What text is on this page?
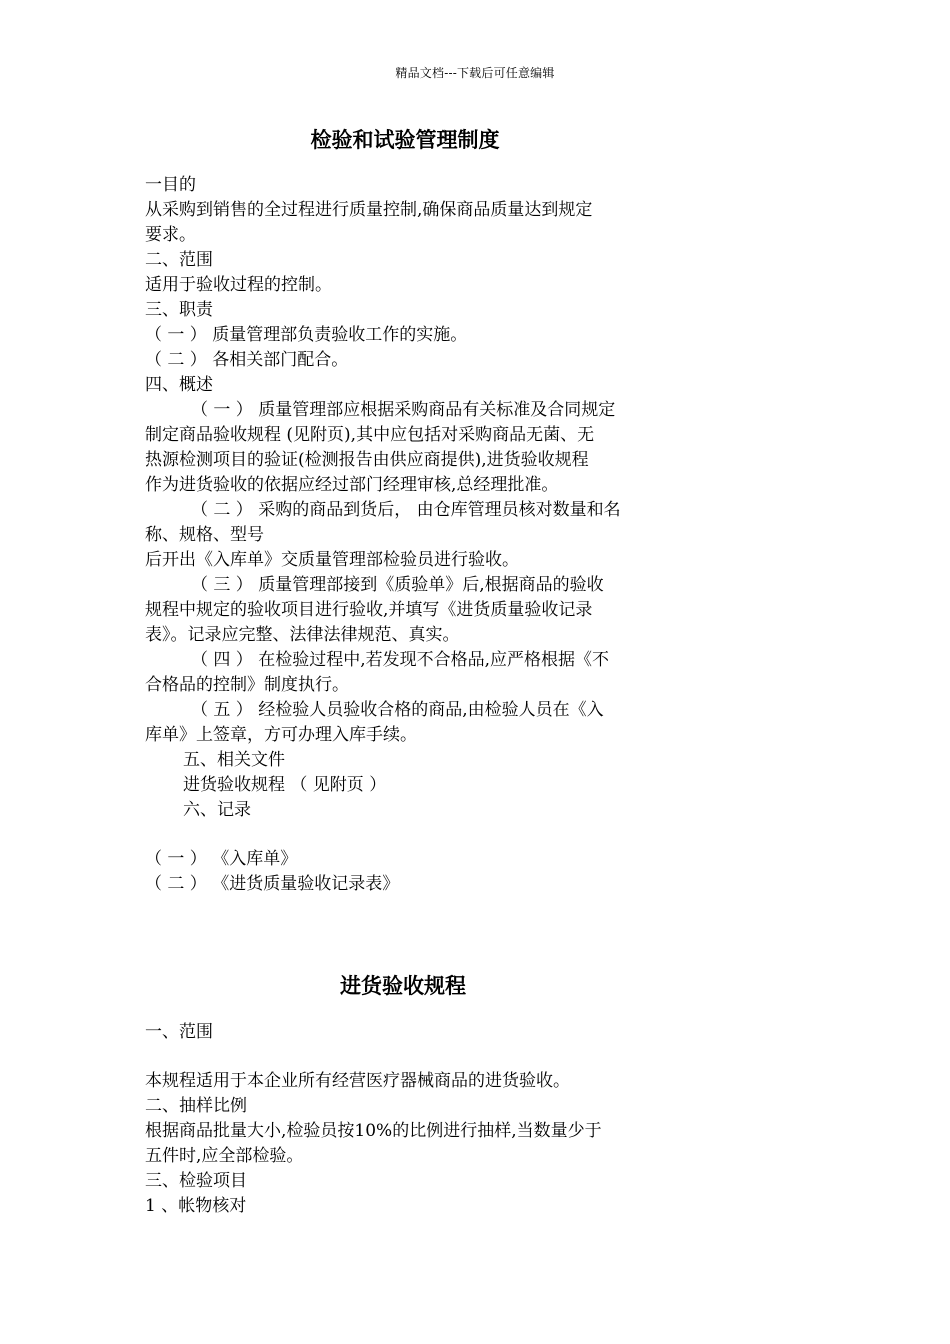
精品文档---下载后可任意编辑
检验和试验管理制度

一目的

从采购到销售的全过程进行质量控制,确保商品质量达到规定

要求。

二、范围

适用于验收过程的控制。

三、职责

（ 一 ） 质量管理部负责验收工作的实施。

（ 二 ） 各相关部门配合。

四、概述

（ 一 ） 质量管理部应根据采购商品有关标准及合同规定

制定商品验收规程 (见附页),其中应包括对采购商品无菌、无

热源检测项目的验证(检测报告由供应商提供),进货验收规程

作为进货验收的依据应经过部门经理审核,总经理批准。

（ 二 ） 采购的商品到货后， 由仓库管理员核对数量和名

称、规格、型号

后开出《入库单》交质量管理部检验员进行验收。

（ 三 ） 质量管理部接到《质验单》后,根据商品的验收

规程中规定的验收项目进行验收,并填写《进货质量验收记录

表》。记录应完整、法律法律规范、真实。

（ 四 ） 在检验过程中,若发现不合格品,应严格根据《不

合格品的控制》制度执行。

（ 五 ） 经检验人员验收合格的商品,由检验人员在《入

库单》上签章，方可办理入库手续。

五、相关文件

进货验收规程 （ 见附页 ）

六、记录

（ 一 ） 《入库单》

（ 二 ） 《进货质量验收记录表》

进货验收规程

一、范围

本规程适用于本企业所有经营医疗器械商品的进货验收。

二、抽样比例

根据商品批量大小,检验员按10%的比例进行抽样,当数量少于

五件时,应全部检验。

三、检验项目

1 、帐物核对
